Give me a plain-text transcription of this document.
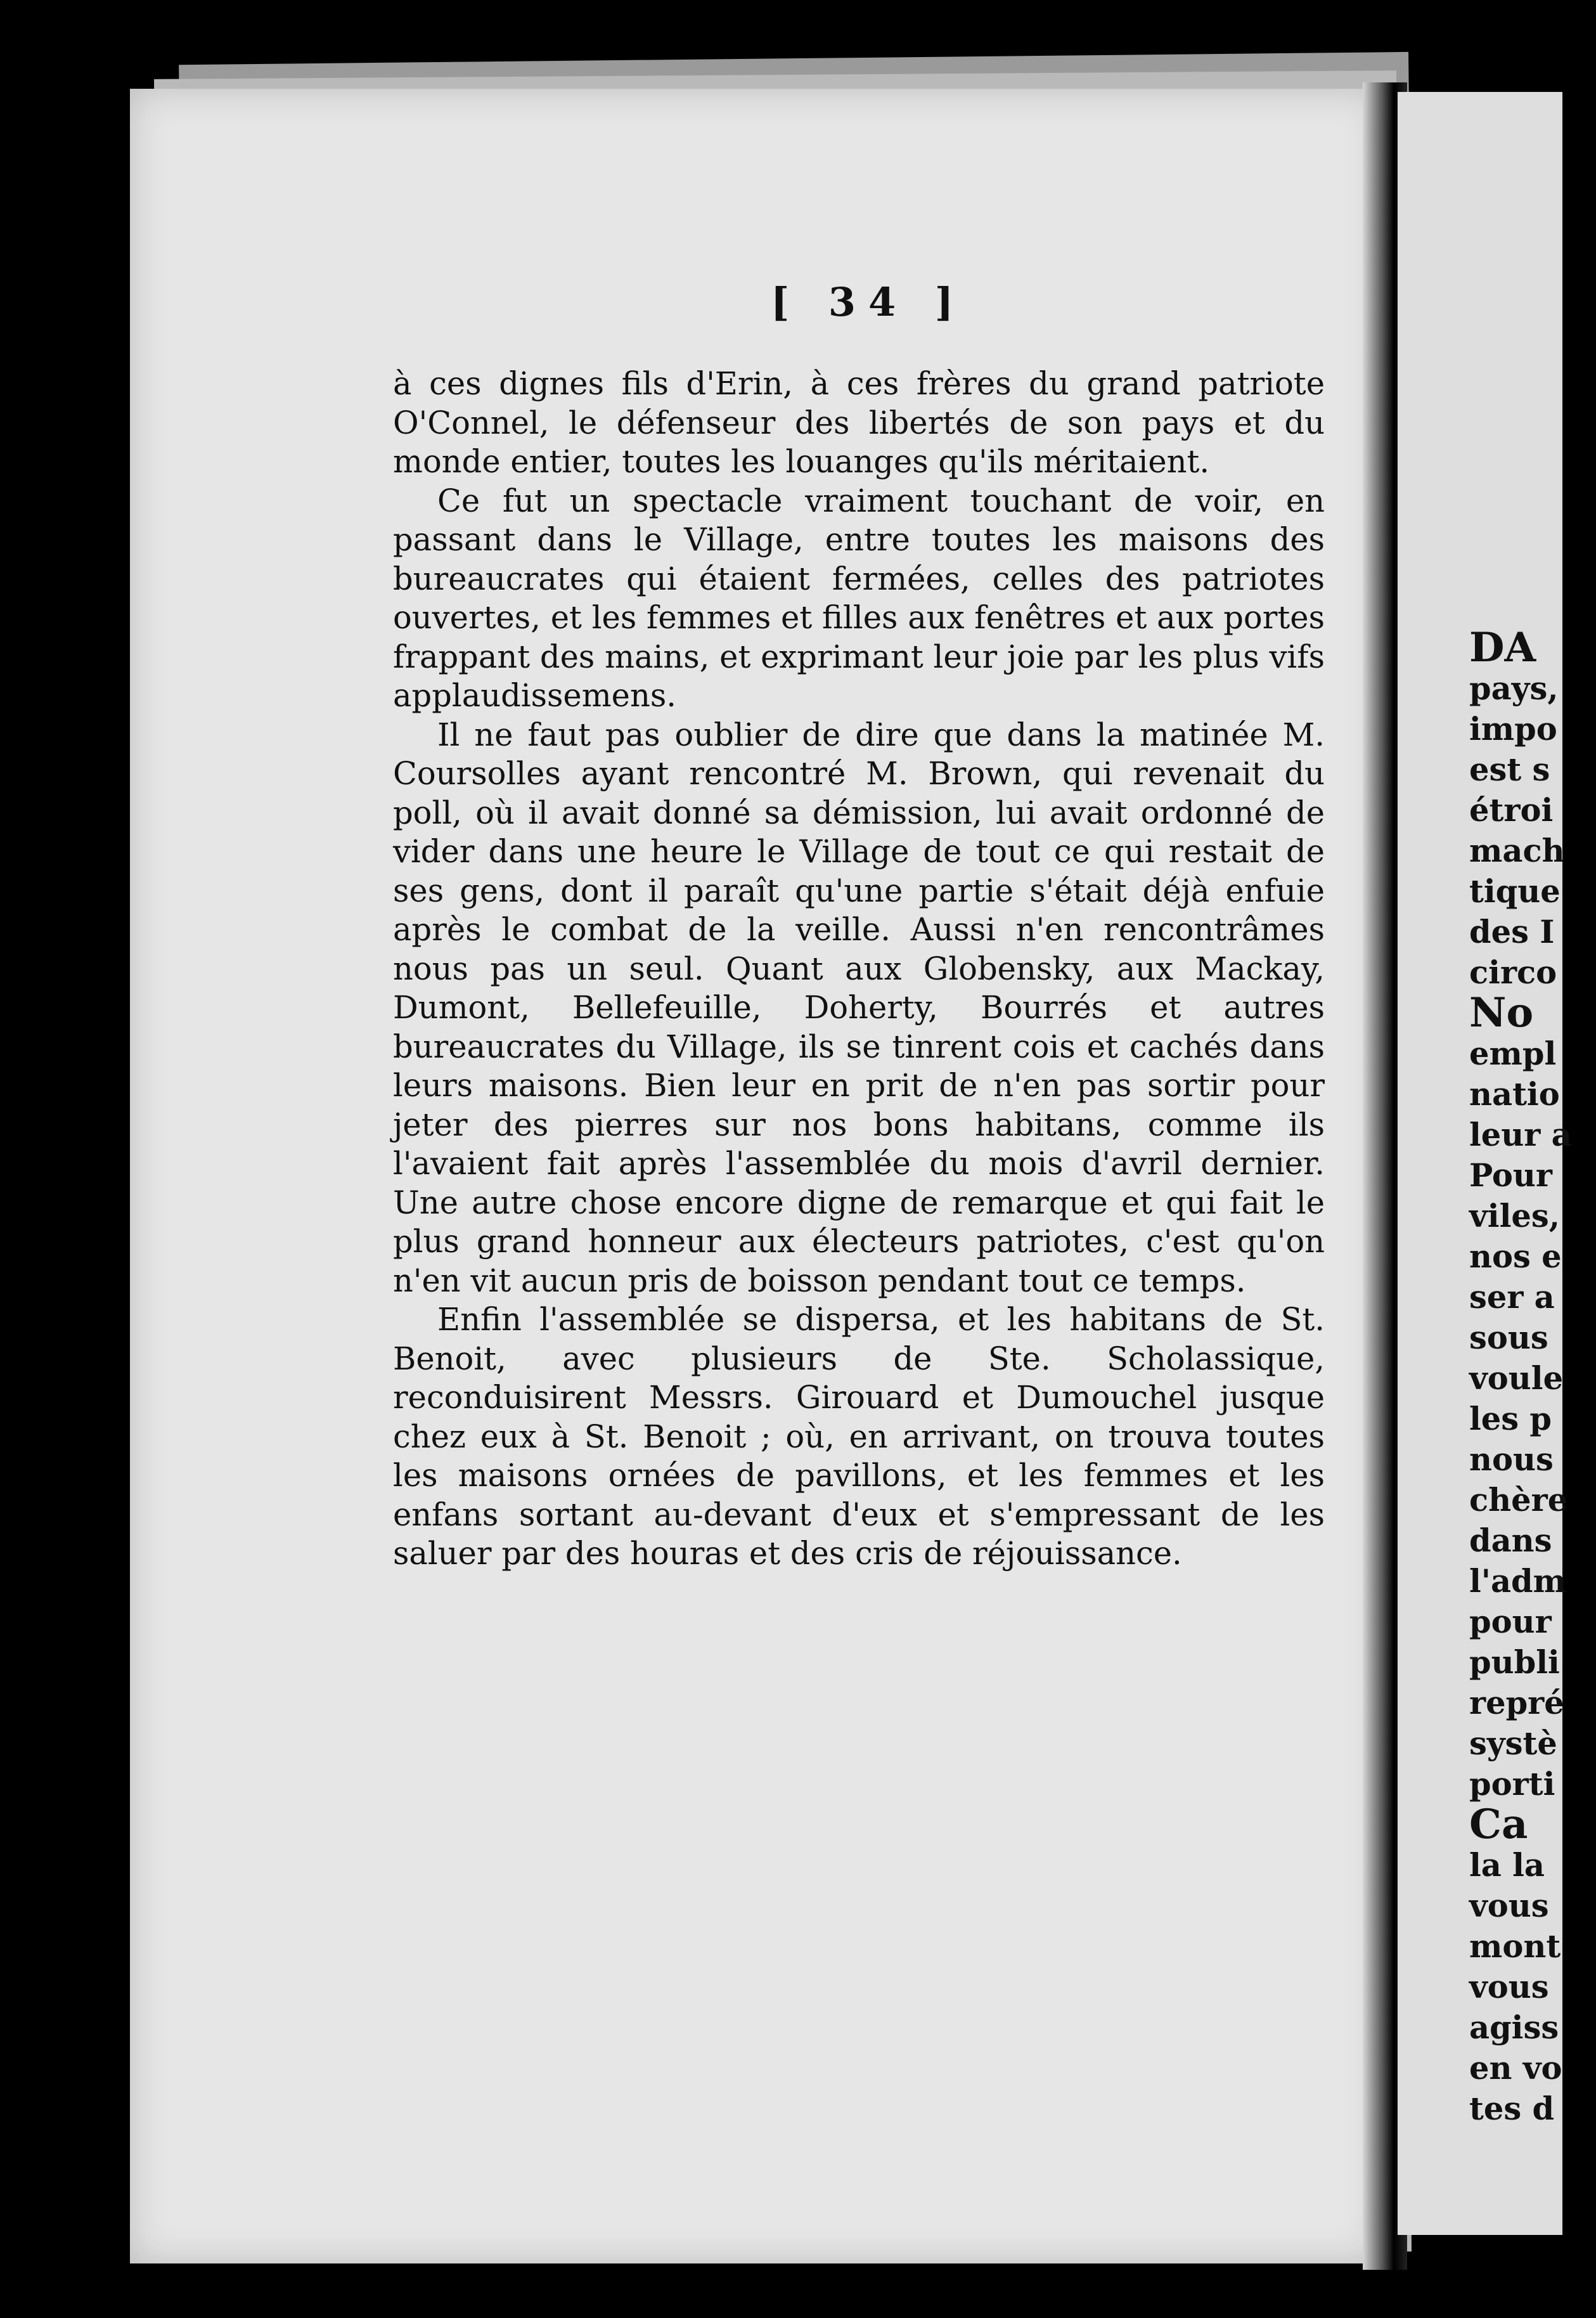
[ 34 ]

à ces dignes fils d'Erin, à ces frères du grand patriote O'Connel, le défenseur des libertés de son pays et du monde entier, toutes les louanges qu'ils méritaient.

Ce fut un spectacle vraiment touchant de voir, en passant dans le Village, entre toutes les maisons des bureaucrates qui étaient fermées, celles des patriotes ouvertes, et les femmes et filles aux fenêtres et aux portes frappant des mains, et exprimant leur joie par les plus vifs applaudissemens.

Il ne faut pas oublier de dire que dans la matinée M. Coursolles ayant rencontré M. Brown, qui revenait du poll, où il avait donné sa démission, lui avait ordonné de vider dans une heure le Village de tout ce qui restait de ses gens, dont il paraît qu'une partie s'était déjà enfuie après le combat de la veille. Aussi n'en rencontrâmes nous pas un seul. Quant aux Globensky, aux Mackay, Dumont, Bellefeuille, Doherty, Bourrés et autres bureaucrates du Village, ils se tinrent cois et cachés dans leurs maisons. Bien leur en prit de n'en pas sortir pour jeter des pierres sur nos bons habitans, comme ils l'avaient fait après l'assemblée du mois d'avril dernier. Une autre chose encore digne de remarque et qui fait le plus grand honneur aux électeurs patriotes, c'est qu'on n'en vit aucun pris de boisson pendant tout ce temps.

Enfin l'assemblée se dispersa, et les habitans de St. Benoit, avec plusieurs de Ste. Scholassique, reconduisirent Messrs. Girouard et Dumouchel jusque chez eux à St. Benoit ; où, en arrivant, on trouva toutes les maisons ornées de pavillons, et les femmes et les enfans sortant au-devant d'eux et s'empressant de les saluer par des houras et des cris de réjouissance.

DA
pays,
impo
est s
étroi
mach
tique
des I
circo
No
empl
natio
leur a
Pour
viles,
nos e
ser a
sous
voule
les p
nous
chère
dans
l'adm
pour
publi
repré
systè
porti
Ca
la la
vous
mont
vous
agiss
en vo
tes d
